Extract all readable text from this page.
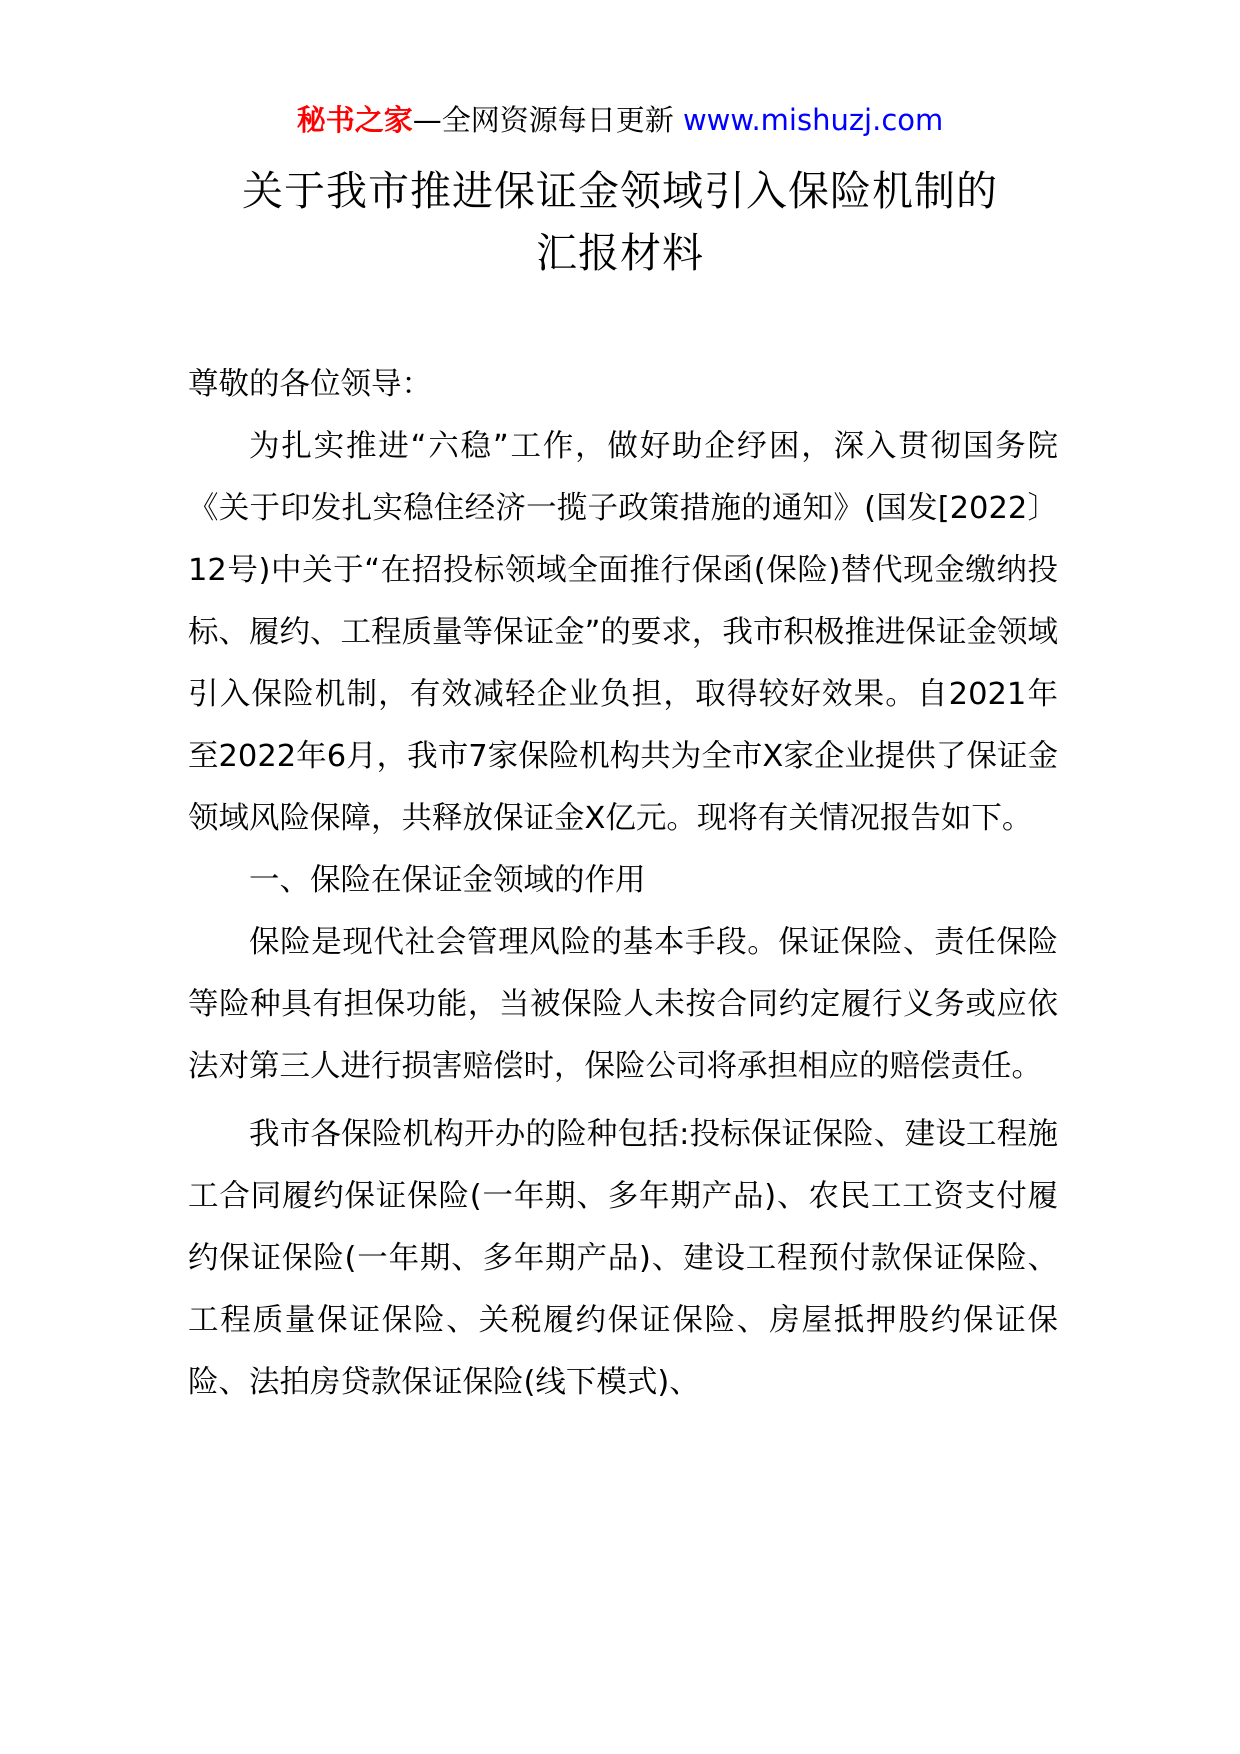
秘书之家—全网资源每日更新 www.mishuzj.com
关于我市推进保证金领域引入保险机制的
汇报材料

尊敬的各位领导：

为扎实推进“六稳”工作，做好助企纾困，深入贯彻国务院《关于印发扎实稳住经济一揽子政策措施的通知》(国发[2022〕12号)中关于“在招投标领域全面推行保函(保险)替代现金缴纳投标、履约、工程质量等保证金”的要求，我市积极推进保证金领域引入保险机制，有效减轻企业负担，取得较好效果。自2021年至2022年6月，我市7家保险机构共为全市X家企业提供了保证金领域风险保障，共释放保证金X亿元。现将有关情况报告如下。

一、保险在保证金领域的作用

保险是现代社会管理风险的基本手段。保证保险、责任保险等险种具有担保功能，当被保险人未按合同约定履行义务或应依法对第三人进行损害赔偿时，保险公司将承担相应的赔偿责任。

我市各保险机构开办的险种包括:投标保证保险、建设工程施工合同履约保证保险(一年期、多年期产品)、农民工工资支付履约保证保险(一年期、多年期产品)、建设工程预付款保证保险、工程质量保证保险、关税履约保证保险、房屋抵押股约保证保险、法拍房贷款保证保险(线下模式)、
